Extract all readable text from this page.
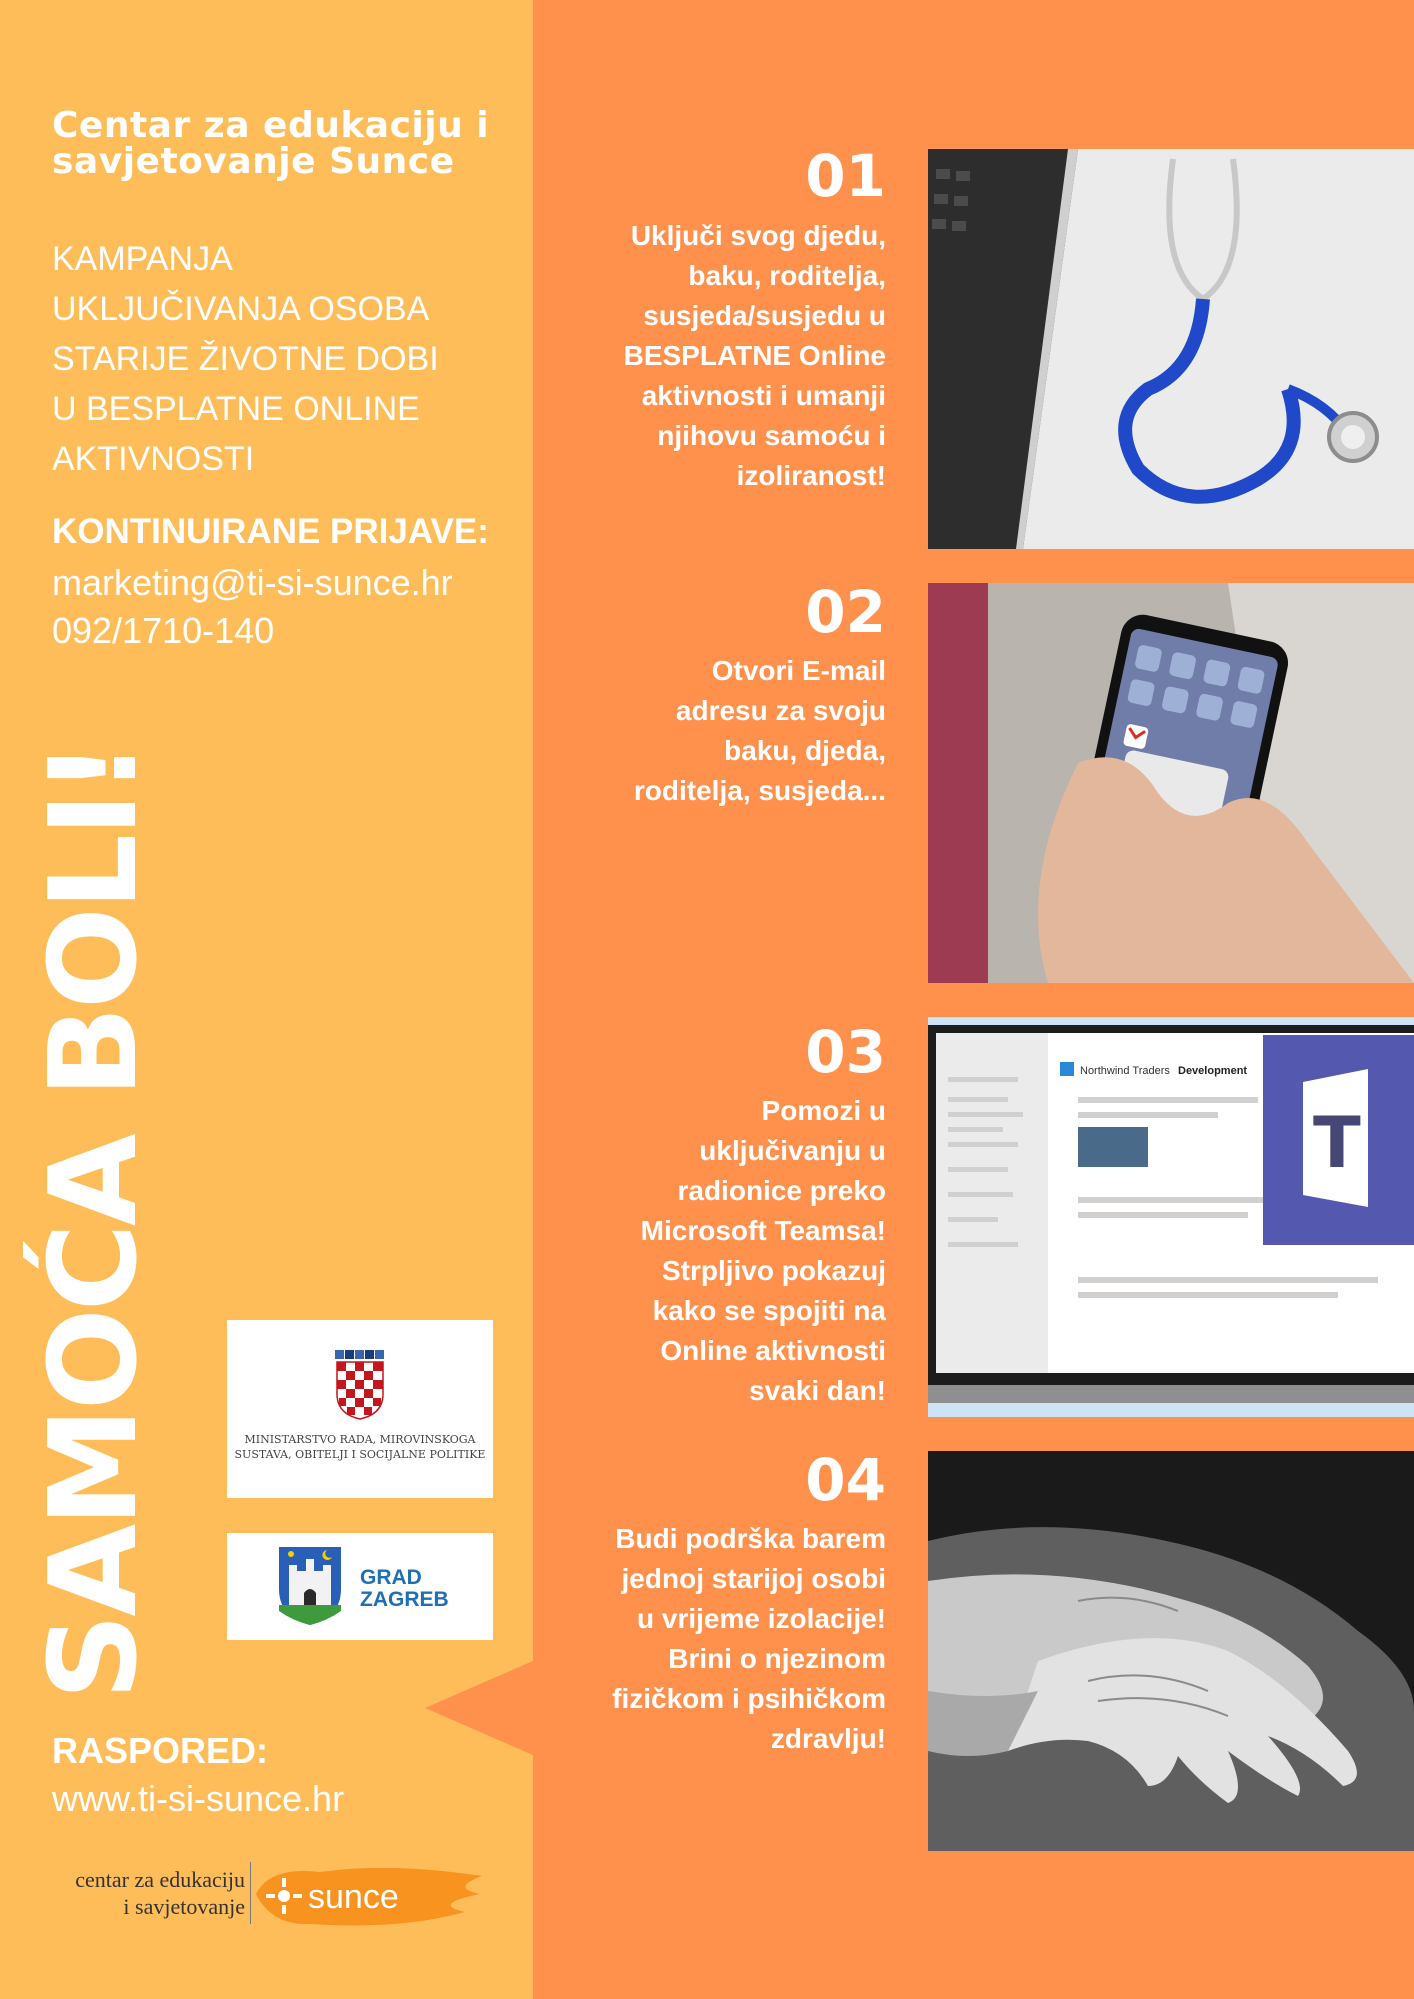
Centar za edukaciju i
savjetovanje Sunce
KAMPANJA
UKLJUČIVANJA OSOBA
STARIJE ŽIVOTNE DOBI
U BESPLATNE ONLINE
AKTIVNOSTI
KONTINUIRANE PRIJAVE:
marketing@ti-si-sunce.hr
092/1710-140
SAMOĆA BOLI!	MINISTARSTVO RADA, MIROVINSKOGA
SUSTAVA, OBITELJI I SOCIJALNE POLITIKE
GRAD
ZAGREB
RASPORED:
www.ti-si-sunce.hr
centar za edukaciju
i savjetovanje sunce
01
Uključi svog djedu,
baku, roditelja,
susjeda/susjedu u
BESPLATNE Online
aktivnosti i umanji
njihovu samoću i
izoliranost!
02
Otvori E-mail
adresu za svoju
baku, djeda,
roditelja, susjeda...
03
Pomozi u
uključivanju u
radionice preko
Microsoft Teamsa!
Strpljivo pokazuj
kako se spojiti na
Online aktivnosti
svaki dan!
04
Budi podrška barem
jednoj starijoj osobi
u vrijeme izolacije!
Brini o njezinom
fizičkom i psihičkom
zdravlju!
Northwind Traders Development
T
